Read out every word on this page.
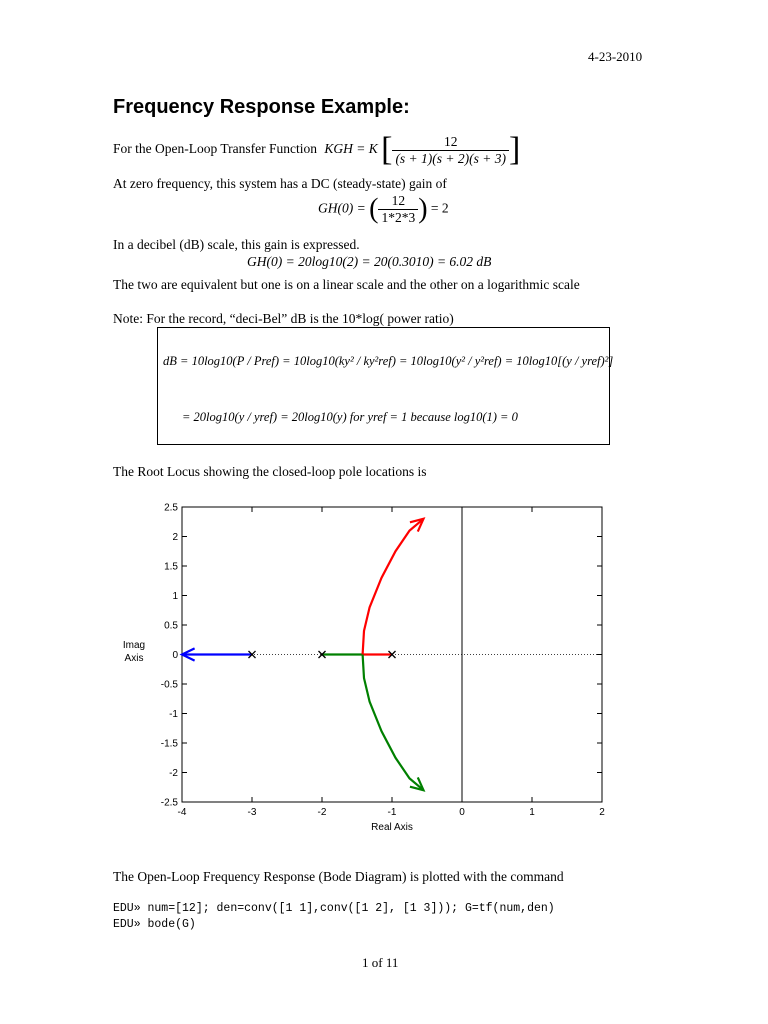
4-23-2010
Frequency Response Example:
For the Open-Loop Transfer Function KGH = K [ $\frac{12}{(s + 1)(s + 2)(s + 3)}$ ]
At zero frequency, this system has a DC (steady-state) gain of
GH(0) = ( $\frac{12}{1*2*3}$ ) = 2
In a decibel (dB) scale, this gain is expressed.
GH(0) = 20log10(2) = 20(0.3010) = 6.02 dB
The two are equivalent but one is on a linear scale and the other on a logarithmic scale
Note: For the record, “deci-Bel” dB is the 10*log( power ratio)
dB = 10log10(P / Pref) = 10log10(ky² / ky²ref) = 10log10(y² / y²ref) = 10log10[(y / yref)²]
= 20log10(y / yref) = 20log10(y) for yref = 1 because log10(1) = 0
The Root Locus showing the closed-loop pole locations is
2.5
2
1.5
1
0.5
0
-0.5
-1
-1.5
-2
-2.5
-4	-3	-2	-1	0	1	2
Real Axis
Imag
Axis
The Open-Loop Frequency Response (Bode Diagram) is plotted with the command
EDU» num=[12]; den=conv([1 1],conv([1 2], [1 3])); G=tf(num,den)
EDU» bode(G)
1 of 11
